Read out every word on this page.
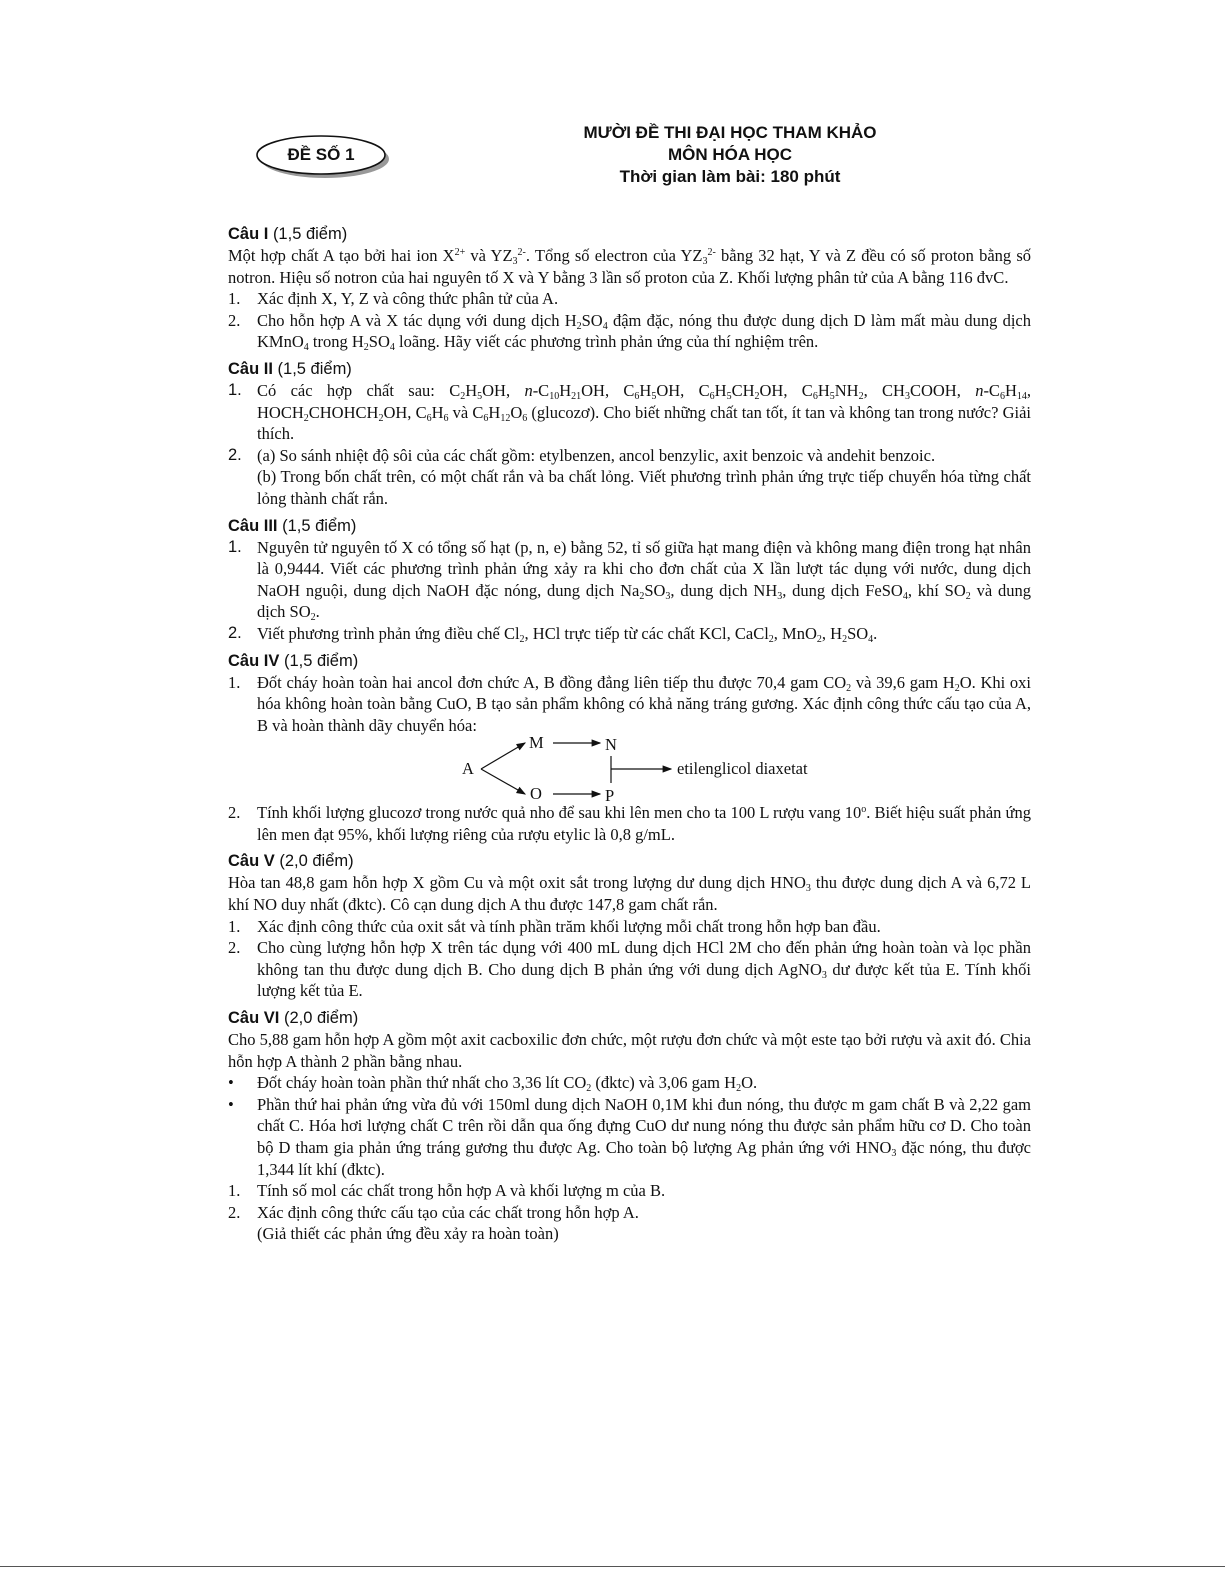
ĐỀ SỐ 1
MƯỜI ĐỀ THI ĐẠI HỌC THAM KHẢO
MÔN HÓA HỌC
Thời gian làm bài: 180 phút
Câu I (1,5 điểm)

Một hợp chất A tạo bởi hai ion $X^{2+}$ và $YZ_3^{2-}$. Tổng số electron của $YZ_3^{2-}$ bằng 32 hạt, Y và Z đều có số proton bằng số notron. Hiệu số notron của hai nguyên tố X và Y bằng 3 lần số proton của Z. Khối lượng phân tử của A bằng 116 đvC.

1. Xác định X, Y, Z và công thức phân tử của A.
2. Cho hỗn hợp A và X tác dụng với dung dịch $H_2SO_4$ đậm đặc, nóng thu được dung dịch D làm mất màu dung dịch KMnO$_4$ trong $H_2SO_4$ loãng. Hãy viết các phương trình phản ứng của thí nghiệm trên.
Câu II (1,5 điểm)
1. Có các hợp chất sau: $C_2H_5OH$, $n-C_{10}H_{21}OH$, $C_6H_5OH$, $C_6H_5CH_2OH$, $C_6H_5NH_2$, $CH_3COOH$, $n-C_6H_{14}$, $HOCH_2CHOHCH_2OH$, $C_6H_6$ và $C_6H_{12}O_6$ (glucozơ). Cho biết những chất tan tốt, ít tan và không tan trong nước? Giải thích.
2. (a) So sánh nhiệt độ sôi của các chất gồm: etylbenzen, ancol benzylic, axit benzoic và andehit benzoic.
(b) Trong bốn chất trên, có một chất rắn và ba chất lỏng. Viết phương trình phản ứng trực tiếp chuyển hóa từng chất lỏng thành chất rắn.
Câu III (1,5 điểm)
1. Nguyên tử nguyên tố X có tổng số hạt (p, n, e) bằng 52, tỉ số giữa hạt mang điện và không mang điện trong hạt nhân là 0,9444. Viết các phương trình phản ứng xảy ra khi cho đơn chất của X lần lượt tác dụng với nước, dung dịch NaOH nguội, dung dịch NaOH đặc nóng, dung dịch $Na_2SO_3$, dung dịch $NH_3$, dung dịch FeSO$_4$, khí $SO_2$ và dung dịch $SO_2$.
2. Viết phương trình phản ứng điều chế $Cl_2$, HCl trực tiếp từ các chất KCl, CaCl$_2$, MnO$_2$, $H_2SO_4$.
Câu IV (1,5 điểm)
1. Đốt cháy hoàn toàn hai ancol đơn chức A, B đồng đẳng liên tiếp thu được 70,4 gam $CO_2$ và 39,6 gam $H_2O$. Khi oxi hóa không hoàn toàn bằng CuO, B tạo sản phẩm không có khả năng tráng gương. Xác định công thức cấu tạo của A, B và hoàn thành dãy chuyển hóa:
A
M	N
O	P
etilenglicol diaxetat
2. Tính khối lượng glucozơ trong nước quả nho để sau khi lên men cho ta 100 L rượu vang 10$^o$. Biết hiệu suất phản ứng lên men đạt 95%, khối lượng riêng của rượu etylic là 0,8 g/mL.
Câu V (2,0 điểm)

Hòa tan 48,8 gam hỗn hợp X gồm Cu và một oxit sắt trong lượng dư dung dịch $HNO_3$ thu được dung dịch A và 6,72 L khí NO duy nhất (đktc). Cô cạn dung dịch A thu được 147,8 gam chất rắn.

1. Xác định công thức của oxit sắt và tính phần trăm khối lượng mỗi chất trong hỗn hợp ban đầu.
2. Cho cùng lượng hỗn hợp X trên tác dụng với 400 mL dung dịch HCl 2M cho đến phản ứng hoàn toàn và lọc phần không tan thu được dung dịch B. Cho dung dịch B phản ứng với dung dịch AgNO$_3$ dư được kết tủa E. Tính khối lượng kết tủa E.
Câu VI (2,0 điểm)

Cho 5,88 gam hỗn hợp A gồm một axit cacboxilic đơn chức, một rượu đơn chức và một este tạo bởi rượu và axit đó. Chia hỗn hợp A thành 2 phần bằng nhau.

• Đốt cháy hoàn toàn phần thứ nhất cho 3,36 lít $CO_2$ (đktc) và 3,06 gam $H_2O$.
• Phần thứ hai phản ứng vừa đủ với 150ml dung dịch NaOH 0,1M khi đun nóng, thu được m gam chất B và 2,22 gam chất C. Hóa hơi lượng chất C trên rồi dẫn qua ống đựng CuO dư nung nóng thu được sản phẩm hữu cơ D. Cho toàn bộ D tham gia phản ứng tráng gương thu được Ag. Cho toàn bộ lượng Ag phản ứng với $HNO_3$ đặc nóng, thu được 1,344 lít khí (đktc).
1. Tính số mol các chất trong hỗn hợp A và khối lượng m của B.
2. Xác định công thức cấu tạo của các chất trong hỗn hợp A.
(Giả thiết các phản ứng đều xảy ra hoàn toàn)
